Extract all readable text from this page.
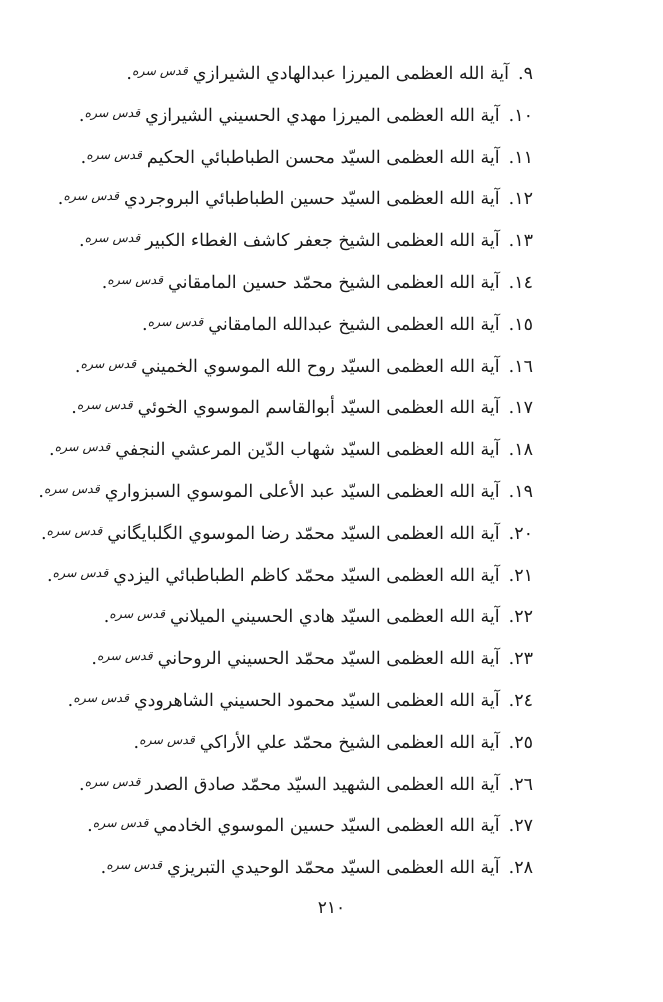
٩.
آية الله العظمى الميرزا عبدالهادي الشيرازي
قدس سره
.
١٠.
آية الله العظمى الميرزا مهدي الحسيني الشيرازي
قدس سره
.
١١.
آية الله العظمى السيّد محسن الطباطبائي الحكيم
قدس سره
.
١٢.
آية الله العظمى السيّد حسين الطباطبائي البروجردي
قدس سره
.
١٣.
آية الله العظمى الشيخ جعفر كاشف الغطاء الكبير
قدس سره
.
١٤.
آية الله العظمى الشيخ محمّد حسين المامقاني
قدس سره
.
١٥.
آية الله العظمى الشيخ عبدالله المامقاني
قدس سره
.
١٦.
آية الله العظمى السيّد روح الله الموسوي الخميني
قدس سره
.
١٧.
آية الله العظمى السيّد أبوالقاسم الموسوي الخوئي
قدس سره
.
١٨.
آية الله العظمى السيّد شهاب الدّين المرعشي النجفي
قدس سره
.
١٩.
آية الله العظمى السيّد عبد الأعلى الموسوي السبزواري
قدس سره
.
٢٠.
آية الله العظمى السيّد محمّد رضا الموسوي الگلبايگاني
قدس سره
.
٢١.
آية الله العظمى السيّد محمّد كاظم الطباطبائي اليزدي
قدس سره
.
٢٢.
آية الله العظمى السيّد هادي الحسيني الميلاني
قدس سره
.
٢٣.
آية الله العظمى السيّد محمّد الحسيني الروحاني
قدس سره
.
٢٤.
آية الله العظمى السيّد محمود الحسيني الشاهرودي
قدس سره
.
٢٥.
آية الله العظمى الشيخ محمّد علي الأراكي
قدس سره
.
٢٦.
آية الله العظمى الشهيد السيّد محمّد صادق الصدر
قدس سره
.
٢٧.
آية الله العظمى السيّد حسين الموسوي الخادمي
قدس سره
.
٢٨.
آية الله العظمى السيّد محمّد الوحيدي التبريزي
قدس سره
.
٢١٠
